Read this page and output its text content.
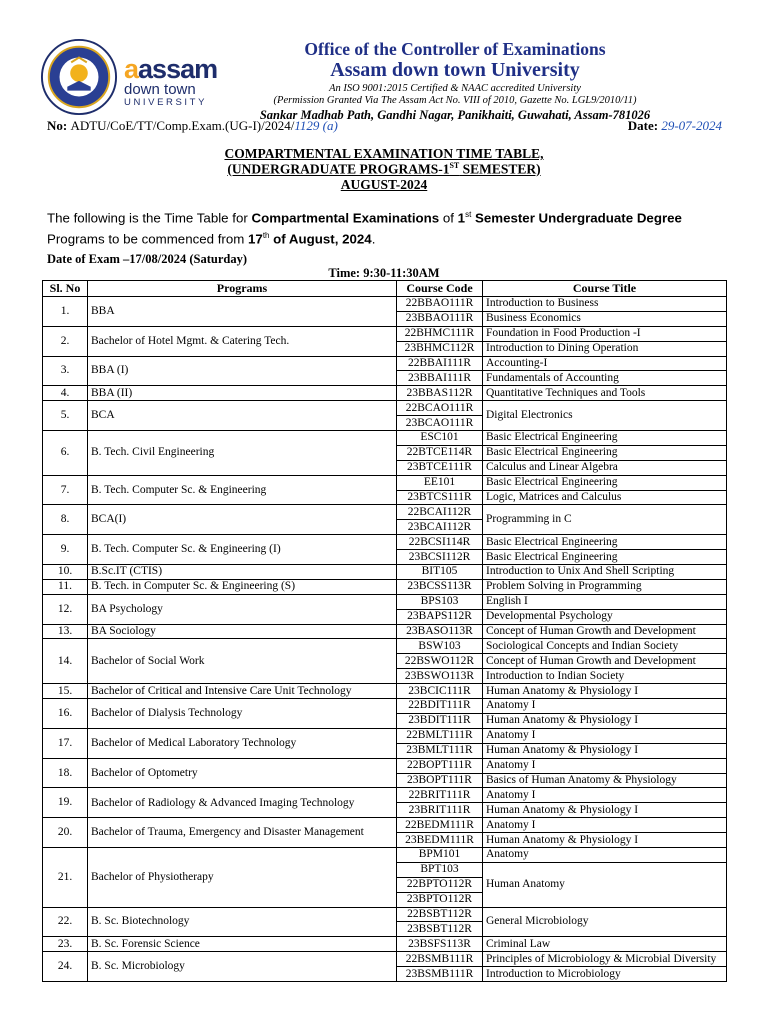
aassam
down town
UNIVERSITY
Office of the Controller of Examinations
Assam down town University
An ISO 9001:2015 Certified & NAAC accredited University
(Permission Granted Via The Assam Act No. VIII of 2010, Gazette No. LGL9/2010/11)
Sankar Madhab Path, Gandhi Nagar, Panikhaiti, Guwahati, Assam-781026
No: ADTU/CoE/TT/Comp.Exam.(UG-I)/2024/1129 (a)	Date: 29-07-2024
COMPARTMENTAL EXAMINATION TIME TABLE,
(UNDERGRADUATE PROGRAMS-1ST SEMESTER)
AUGUST-2024
The following is the Time Table for Compartmental Examinations of 1st Semester Undergraduate Degree
Programs to be commenced from 17th of August, 2024.
Date of Exam –17/08/2024 (Saturday)
Time: 9:30-11:30AM
Sl. No	Programs	Course Code	Course Title
1.	BBA	22BBAO111R	Introduction to Business
		23BBAO111R	Business Economics
2.	Bachelor of Hotel Mgmt. & Catering Tech.	22BHMC111R	Foundation in Food Production -I
		23BHMC112R	Introduction to Dining Operation
3.	BBA (I)	22BBAI111R	Accounting-I
		23BBAI111R	Fundamentals of Accounting
4.	BBA (II)	23BBAS112R	Quantitative Techniques and Tools
5.	BCA	22BCAO111R	Digital Electronics
		23BCAO111R	
6.	B. Tech. Civil Engineering	ESC101	Basic Electrical Engineering
		22BTCE114R	Basic Electrical Engineering
		23BTCE111R	Calculus and Linear Algebra
7.	B. Tech. Computer Sc. & Engineering	EE101	Basic Electrical Engineering
		23BTCS111R	Logic, Matrices and Calculus
8.	BCA(I)	22BCAI112R	Programming in C
		23BCAI112R	
9.	B. Tech. Computer Sc. & Engineering (I)	22BCSI114R	Basic Electrical Engineering
		23BCSI112R	Basic Electrical Engineering
10.	B.Sc.IT (CTIS)	BIT105	Introduction to Unix And Shell Scripting
11.	B. Tech. in Computer Sc. & Engineering (S)	23BCSS113R	Problem Solving in Programming
12.	BA Psychology	BPS103	English I
		23BAPS112R	Developmental Psychology
13.	BA Sociology	23BASO113R	Concept of Human Growth and Development
14.	Bachelor of Social Work	BSW103	Sociological Concepts and Indian Society
		22BSWO112R	Concept of Human Growth and Development
		23BSWO113R	Introduction to Indian Society
15.	Bachelor of Critical and Intensive Care Unit Technology	23BCIC111R	Human Anatomy & Physiology I
16.	Bachelor of Dialysis Technology	22BDIT111R	Anatomy I
		23BDIT111R	Human Anatomy & Physiology I
17.	Bachelor of Medical Laboratory Technology	22BMLT111R	Anatomy I
		23BMLT111R	Human Anatomy & Physiology I
18.	Bachelor of Optometry	22BOPT111R	Anatomy I
		23BOPT111R	Basics of Human Anatomy & Physiology
19.	Bachelor of Radiology & Advanced Imaging Technology	22BRIT111R	Anatomy I
		23BRIT111R	Human Anatomy & Physiology I
20.	Bachelor of Trauma, Emergency and Disaster Management	22BEDM111R	Anatomy I
		23BEDM111R	Human Anatomy & Physiology I
21.	Bachelor of Physiotherapy	BPM101	Anatomy
		BPT103	Human Anatomy
		22BPTO112R	
		23BPTO112R	
22.	B. Sc. Biotechnology	22BSBT112R	General Microbiology
		23BSBT112R	
23.	B. Sc. Forensic Science	23BSFS113R	Criminal Law
24.	B. Sc. Microbiology	22BSMB111R	Principles of Microbiology & Microbial Diversity
		23BSMB111R	Introduction to Microbiology
